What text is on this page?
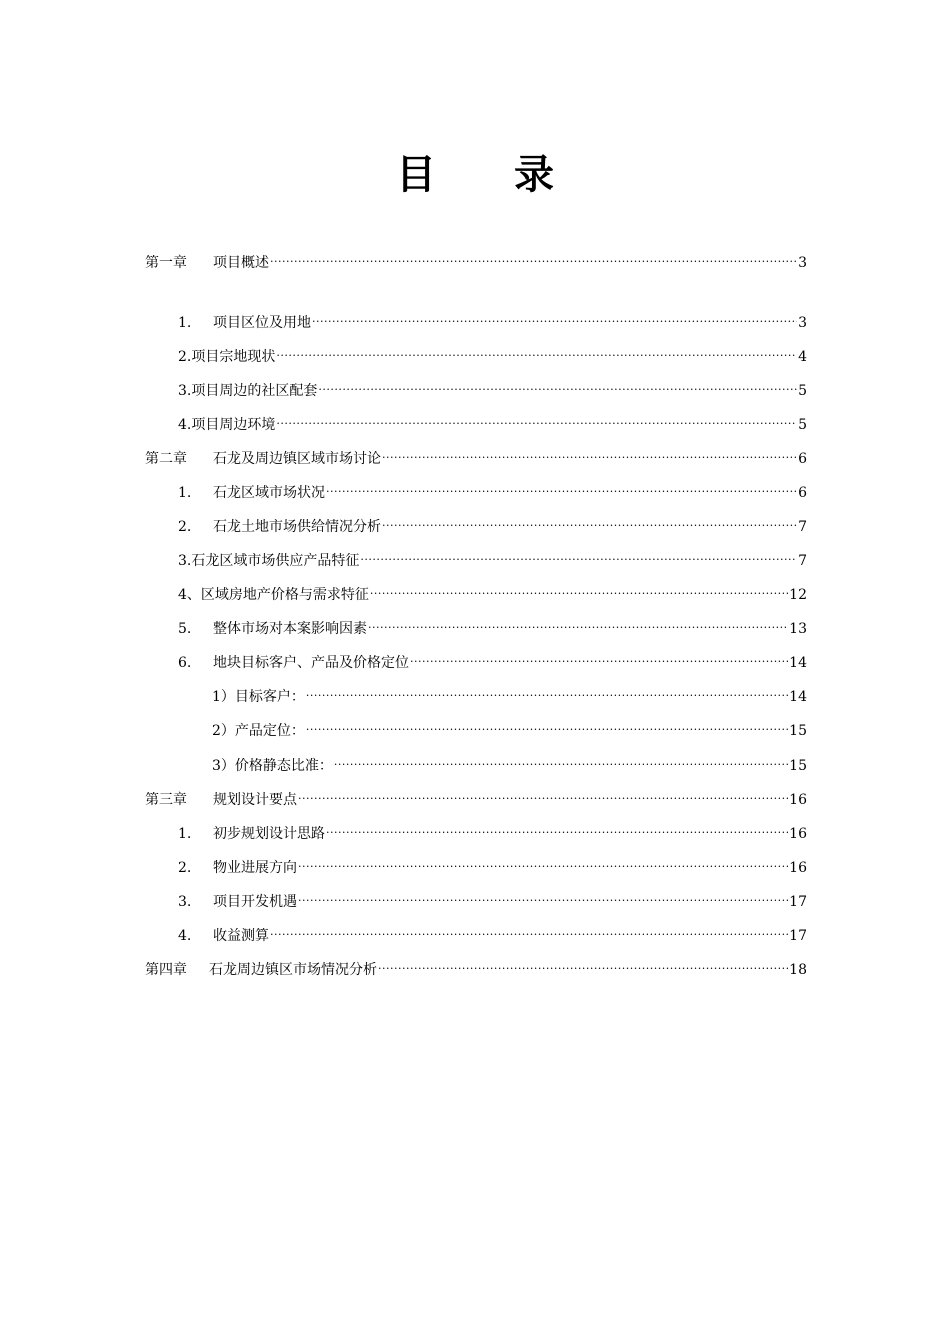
目 录
第一章 项目概述 .....	3
1. 项目区位及用地 .....	3
2.项目宗地现状 .....	4
3.项目周边的社区配套 .....	5
4.项目周边环境 .....	5
第二章 石龙及周边镇区域市场讨论 .....	6
1. 石龙区域市场状况 .....	6
2. 石龙土地市场供给情况分析 .....	7
3.石龙区域市场供应产品特征 .....	7
4、区域房地产价格与需求特征 .....	12
5. 整体市场对本案影响因素 .....	13
6. 地块目标客户、产品及价格定位 .....	14
1）目标客户： .....	14
2）产品定位： .....	15
3）价格静态比准： .....	15
第三章 规划设计要点 .....	16
1. 初步规划设计思路 .....	16
2. 物业进展方向 .....	16
3. 项目开发机遇 .....	17
4. 收益测算 .....	17
第四章 石龙周边镇区市场情况分析 .....	18
